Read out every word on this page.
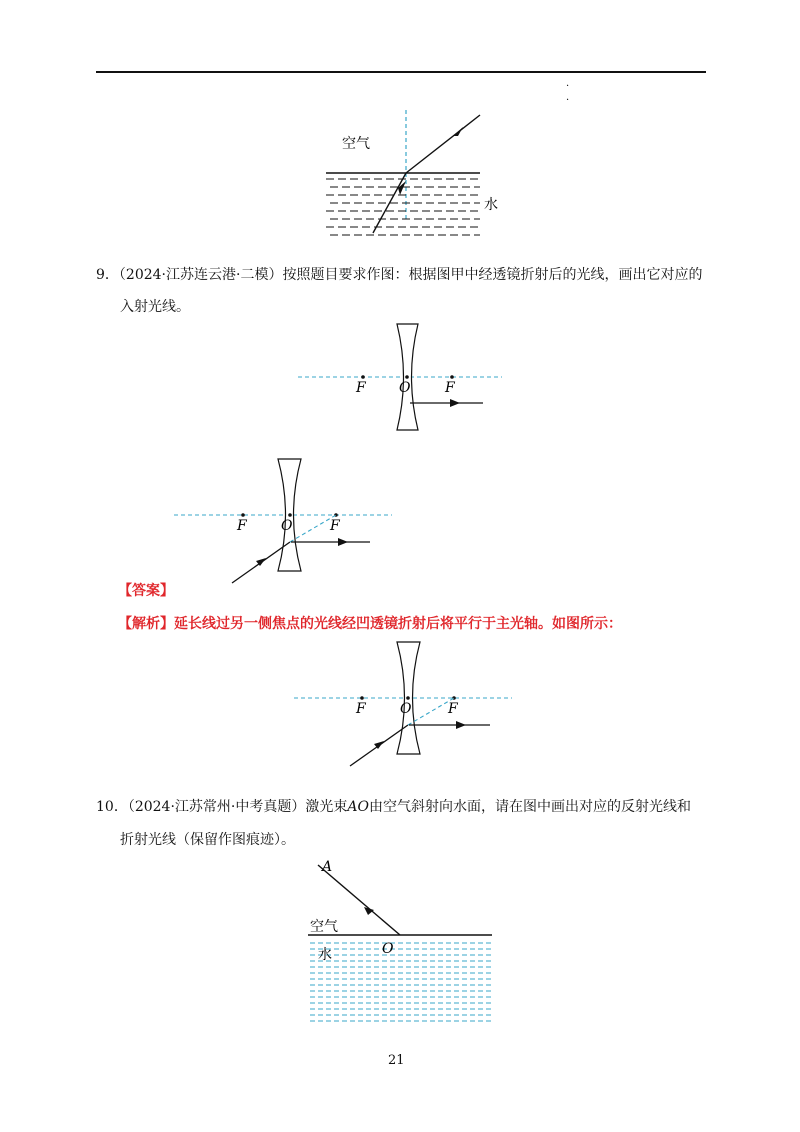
·
·
空气
水
9．（2024·江苏连云港·二模）按照题目要求作图：根据图甲中经透镜折射后的光线，画出它对应的
入射光线。
F O F
F O	F
【答案】
【解析】延长线过另一侧焦点的光线经凹透镜折射后将平行于主光轴。如图所示：
F O	F
10．（2024·江苏常州·中考真题）激光束AO由空气斜射向水面，请在图中画出对应的反射光线和
折射光线（保留作图痕迹）。
A
O
空气
水
21
